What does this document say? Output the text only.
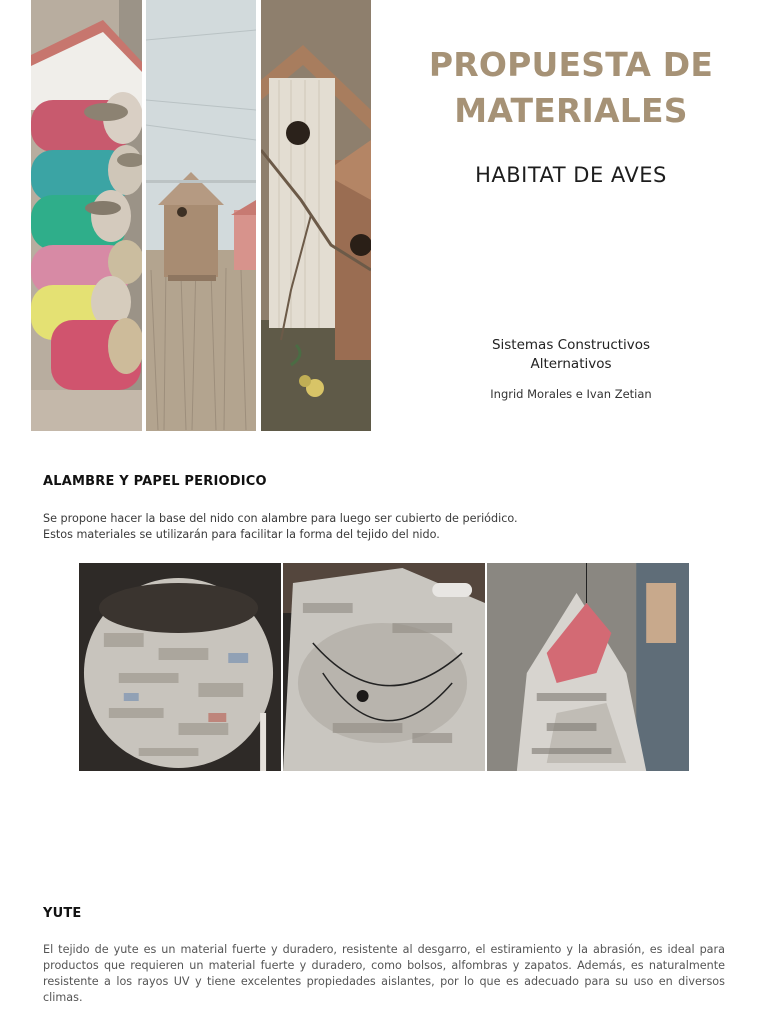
PROPUESTA DE
MATERIALES
HABITAT DE AVES
Sistemas Constructivos
Alternativos
Ingrid Morales e Ivan Zetian
ALAMBRE Y PAPEL PERIODICO
Se propone hacer la base del nido con alambre para luego ser cubierto de periódico.
Estos materiales se utilizarán para facilitar la forma del tejido del nido.
YUTE
El tejido de yute es un material fuerte y duradero, resistente al desgarro, el estiramiento y la abrasión, es ideal para productos que requieren un material fuerte y duradero, como bolsos, alfombras y zapatos. Además, es naturalmente resistente a los rayos UV y tiene excelentes propiedades aislantes, por lo que es adecuado para su uso en diversos climas.
